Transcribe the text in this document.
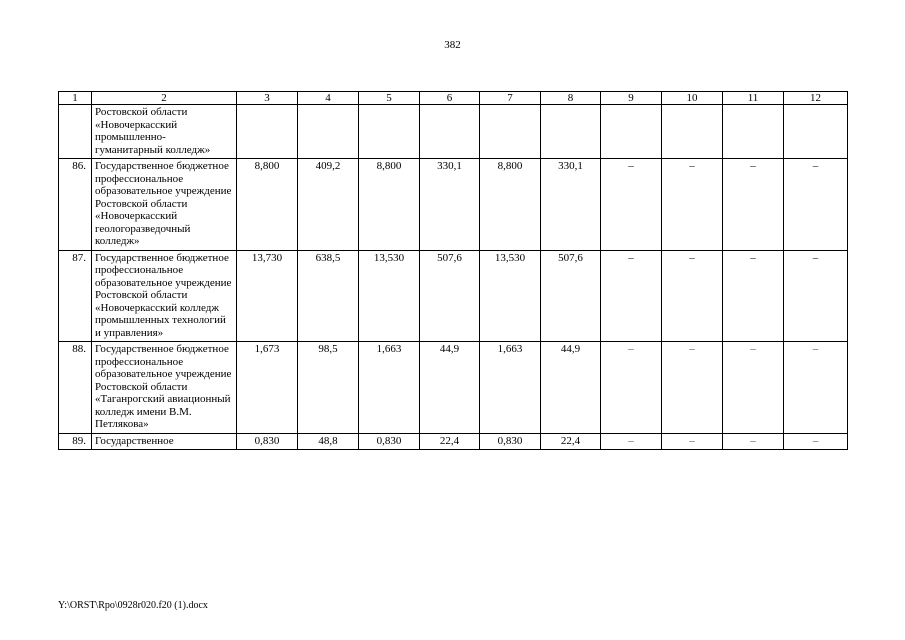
382
1	2	3	4	5	6	7	8	9	10	11	12
	Ростовской области «Новочеркасский промышленно-гуманитарный колледж»										
86.	Государственное бюджетное профессиональное образовательное учреждение Ростовской области «Новочеркасский геологоразведочный колледж»	8,800	409,2	8,800	330,1	8,800	330,1	–	–	–	–
87.	Государственное бюджетное профессиональное образовательное учреждение Ростовской области «Новочеркасский колледж промышленных технологий и управления»	13,730	638,5	13,530	507,6	13,530	507,6	–	–	–	–
88.	Государственное бюджетное профессиональное образовательное учреждение Ростовской области «Таганрогский авиационный колледж имени В.М. Петлякова»	1,673	98,5	1,663	44,9	1,663	44,9	–	–	–	–
89.	Государственное	0,830	48,8	0,830	22,4	0,830	22,4	–	–	–	–
Y:\ORST\Rpo\0928r020.f20 (1).docx
